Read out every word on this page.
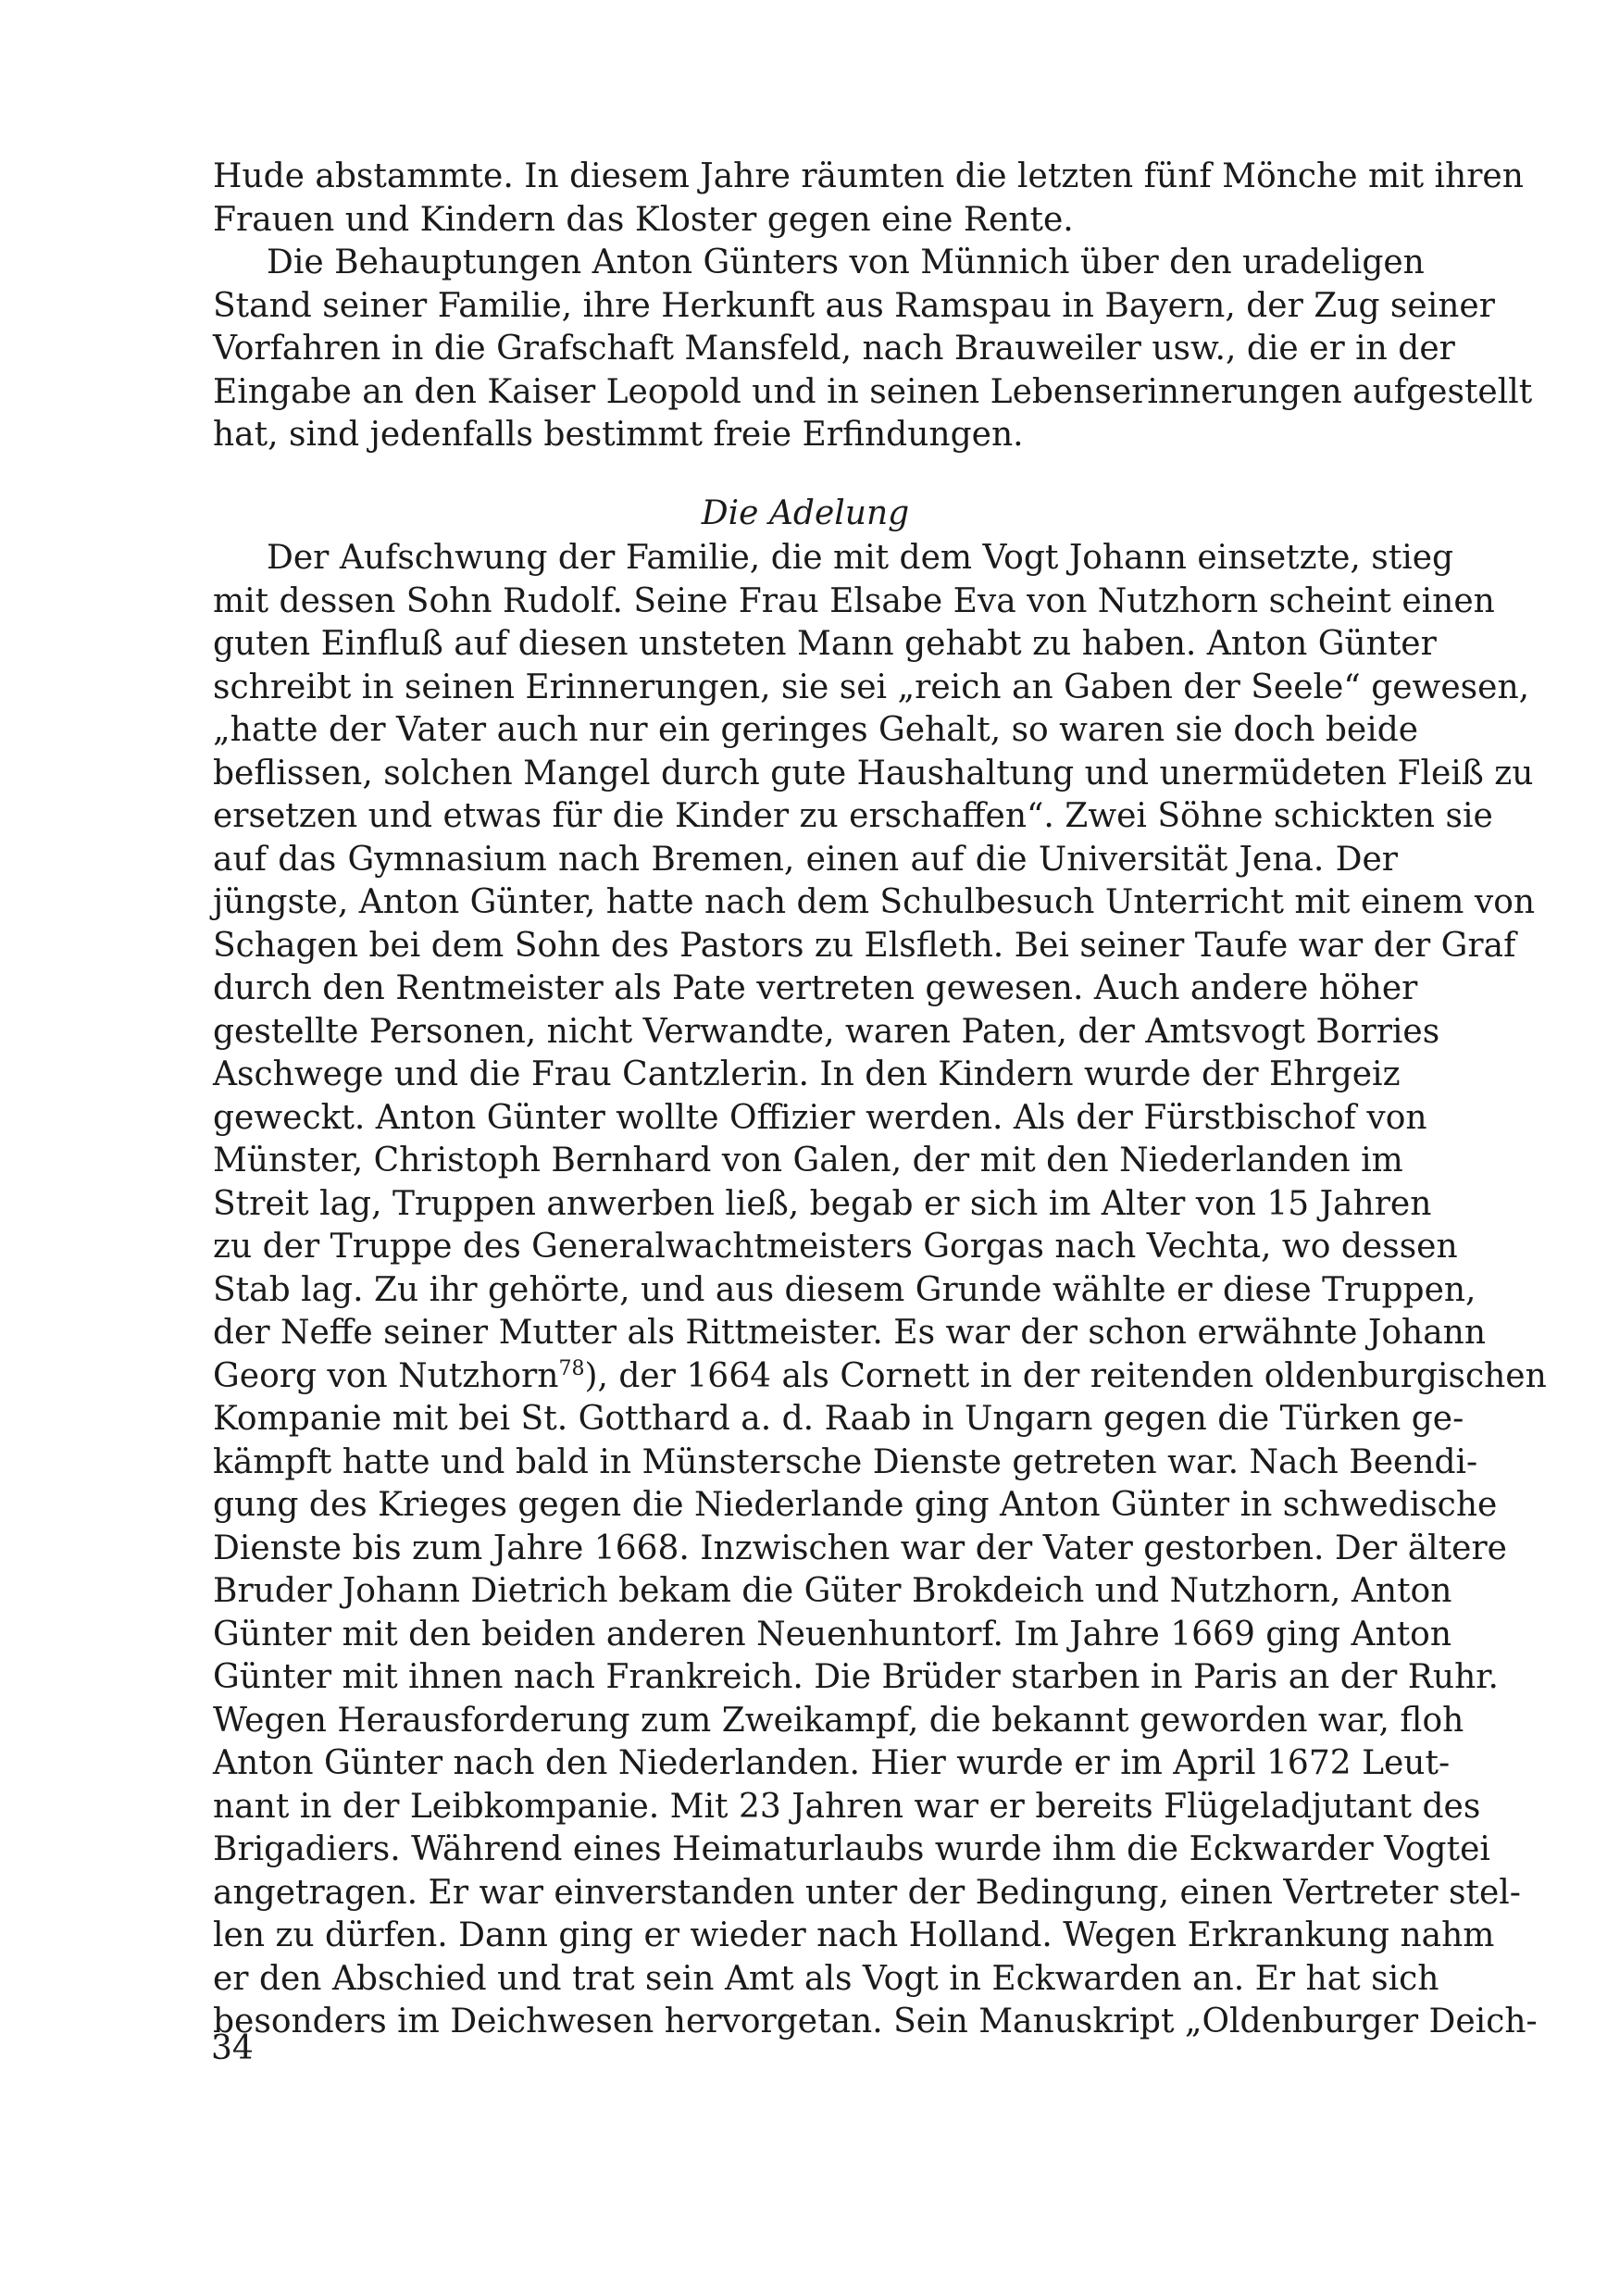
Hude abstammte. In diesem Jahre räumten die letzten fünf Mönche mit ihren
Frauen und Kindern das Kloster gegen eine Rente.
Die Behauptungen Anton Günters von Münnich über den uradeligen
Stand seiner Familie, ihre Herkunft aus Ramspau in Bayern, der Zug seiner
Vorfahren in die Grafschaft Mansfeld, nach Brauweiler usw., die er in der
Eingabe an den Kaiser Leopold und in seinen Lebenserinnerungen aufgestellt
hat, sind jedenfalls bestimmt freie Erfindungen.
Die Adelung
Der Aufschwung der Familie, die mit dem Vogt Johann einsetzte, stieg
mit dessen Sohn Rudolf. Seine Frau Elsabe Eva von Nutzhorn scheint einen
guten Einfluß auf diesen unsteten Mann gehabt zu haben. Anton Günter
schreibt in seinen Erinnerungen, sie sei „reich an Gaben der Seele“ gewesen,
„hatte der Vater auch nur ein geringes Gehalt, so waren sie doch beide
beflissen, solchen Mangel durch gute Haushaltung und unermüdeten Fleiß zu
ersetzen und etwas für die Kinder zu erschaffen“. Zwei Söhne schickten sie
auf das Gymnasium nach Bremen, einen auf die Universität Jena. Der
jüngste, Anton Günter, hatte nach dem Schulbesuch Unterricht mit einem von
Schagen bei dem Sohn des Pastors zu Elsfleth. Bei seiner Taufe war der Graf
durch den Rentmeister als Pate vertreten gewesen. Auch andere höher
gestellte Personen, nicht Verwandte, waren Paten, der Amtsvogt Borries
Aschwege und die Frau Cantzlerin. In den Kindern wurde der Ehrgeiz
geweckt. Anton Günter wollte Offizier werden. Als der Fürstbischof von
Münster, Christoph Bernhard von Galen, der mit den Niederlanden im
Streit lag, Truppen anwerben ließ, begab er sich im Alter von 15 Jahren
zu der Truppe des Generalwachtmeisters Gorgas nach Vechta, wo dessen
Stab lag. Zu ihr gehörte, und aus diesem Grunde wählte er diese Truppen,
der Neffe seiner Mutter als Rittmeister. Es war der schon erwähnte Johann
Georg von Nutzhorn$^{78}$), der 1664 als Cornett in der reitenden oldenburgischen
Kompanie mit bei St. Gotthard a. d. Raab in Ungarn gegen die Türken ge-
kämpft hatte und bald in Münstersche Dienste getreten war. Nach Beendi-
gung des Krieges gegen die Niederlande ging Anton Günter in schwedische
Dienste bis zum Jahre 1668. Inzwischen war der Vater gestorben. Der ältere
Bruder Johann Dietrich bekam die Güter Brokdeich und Nutzhorn, Anton
Günter mit den beiden anderen Neuenhuntorf. Im Jahre 1669 ging Anton
Günter mit ihnen nach Frankreich. Die Brüder starben in Paris an der Ruhr.
Wegen Herausforderung zum Zweikampf, die bekannt geworden war, floh
Anton Günter nach den Niederlanden. Hier wurde er im April 1672 Leut-
nant in der Leibkompanie. Mit 23 Jahren war er bereits Flügeladjutant des
Brigadiers. Während eines Heimaturlaubs wurde ihm die Eckwarder Vogtei
angetragen. Er war einverstanden unter der Bedingung, einen Vertreter stel-
len zu dürfen. Dann ging er wieder nach Holland. Wegen Erkrankung nahm
er den Abschied und trat sein Amt als Vogt in Eckwarden an. Er hat sich
besonders im Deichwesen hervorgetan. Sein Manuskript „Oldenburger Deich-
34
